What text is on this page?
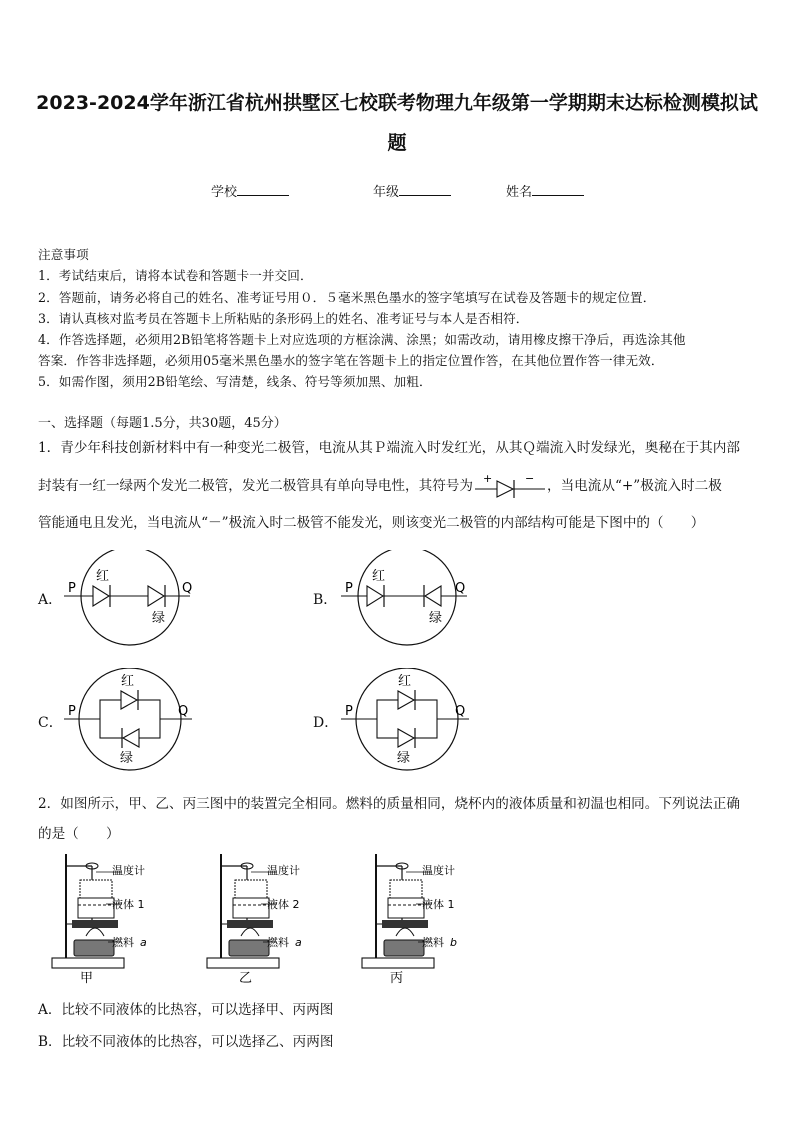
2023-2024学年浙江省杭州拱墅区七校联考物理九年级第一学期期末达标检测模拟试
题
学校	年级	姓名
注意事项
1．考试结束后，请将本试卷和答题卡一并交回．
2．答题前，请务必将自己的姓名、准考证号用０．５毫米黑色墨水的签字笔填写在试卷及答题卡的规定位置．
3．请认真核对监考员在答题卡上所粘贴的条形码上的姓名、准考证号与本人是否相符．
4．作答选择题，必须用2B铅笔将答题卡上对应选项的方框涂满、涂黑；如需改动，请用橡皮擦干净后，再选涂其他
答案．作答非选择题，必须用05毫米黑色墨水的签字笔在答题卡上的指定位置作答，在其他位置作答一律无效．
5．如需作图，须用2B铅笔绘、写清楚，线条、符号等须加黑、加粗．
一、选择题（每题1.5分，共30题，45分）
1．青少年科技创新材料中有一种变光二极管，电流从其Ｐ端流入时发红光，从其Ｑ端流入时发绿光，奥秘在于其内部
封装有一红一绿两个发光二极管，发光二极管具有单向导电性，其符号为 +	− ，当电流从“+”极流入时二极
管能通电且发光，当电流从“－”极流入时二极管不能发光，则该变光二极管的内部结构可能是下图中的（　　）
A．
P	Q
红
绿
B．
P	Q
红
绿
C．
P	Q
红
绿
D．
P	Q
红
绿
2．如图所示，甲、乙、丙三图中的装置完全相同。燃料的质量相同，烧杯内的液体质量和初温也相同。下列说法正确
的是（　　）
温度计
液体 1
燃料 a
甲
温度计
液体 2
燃料 a
乙
温度计
液体 1
燃料 b
丙
A．比较不同液体的比热容，可以选择甲、丙两图
B．比较不同液体的比热容，可以选择乙、丙两图
